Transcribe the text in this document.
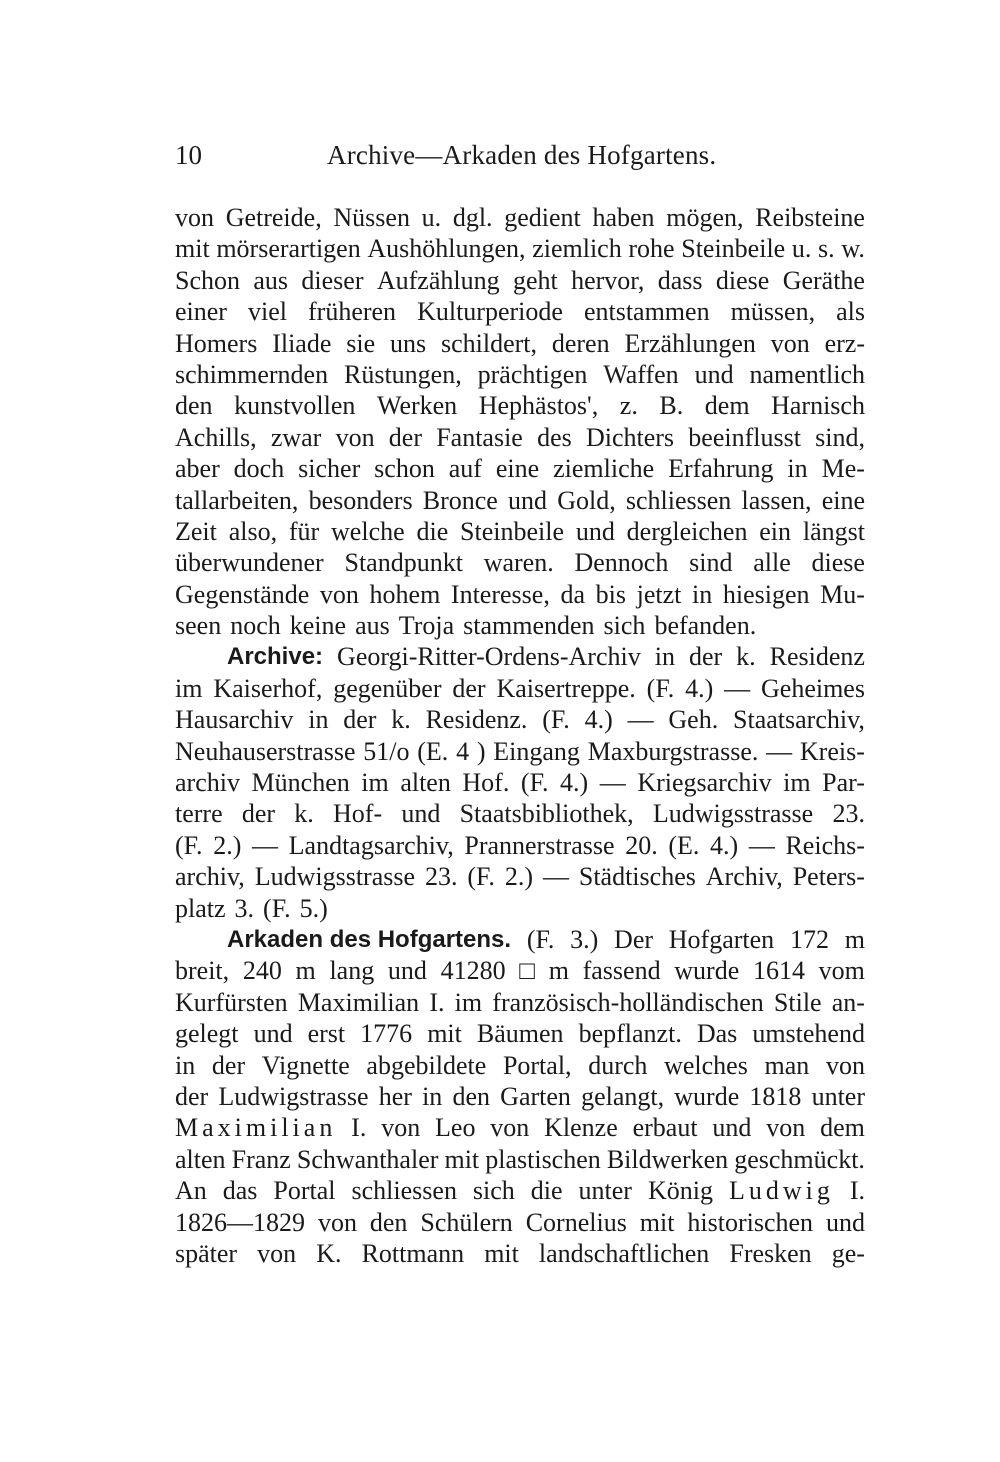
10	Archive—Arkaden des Hofgartens.
von Getreide, Nüssen u. dgl. gedient haben mögen, Reibsteine
mit mörserartigen Aushöhlungen, ziemlich rohe Steinbeile u. s. w.
Schon aus dieser Aufzählung geht hervor, dass diese Geräthe
einer viel früheren Kulturperiode entstammen müssen, als
Homers Iliade sie uns schildert, deren Erzählungen von erz-
schimmernden Rüstungen, prächtigen Waffen und namentlich
den kunstvollen Werken Hephästos', z. B. dem Harnisch
Achills, zwar von der Fantasie des Dichters beeinflusst sind,
aber doch sicher schon auf eine ziemliche Erfahrung in Me-
tallarbeiten, besonders Bronce und Gold, schliessen lassen, eine
Zeit also, für welche die Steinbeile und dergleichen ein längst
überwundener Standpunkt waren. Dennoch sind alle diese
Gegenstände von hohem Interesse, da bis jetzt in hiesigen Mu-
seen noch keine aus Troja stammenden sich befanden.
Archive: Georgi-Ritter-Ordens-Archiv in der k. Residenz
im Kaiserhof, gegenüber der Kaisertreppe. (F. 4.) — Geheimes
Hausarchiv in der k. Residenz. (F. 4.) — Geh. Staatsarchiv,
Neuhauserstrasse 51/o (E. 4 ) Eingang Maxburgstrasse. — Kreis-
archiv München im alten Hof. (F. 4.) — Kriegsarchiv im Par-
terre der k. Hof- und Staatsbibliothek, Ludwigsstrasse 23.
(F. 2.) — Landtagsarchiv, Prannerstrasse 20. (E. 4.) — Reichs-
archiv, Ludwigsstrasse 23. (F. 2.) — Städtisches Archiv, Peters-
platz 3. (F. 5.)
Arkaden des Hofgartens. (F. 3.) Der Hofgarten 172 m
breit, 240 m lang und 41280 □ m fassend wurde 1614 vom
Kurfürsten Maximilian I. im französisch-holländischen Stile an-
gelegt und erst 1776 mit Bäumen bepflanzt. Das umstehend
in der Vignette abgebildete Portal, durch welches man von
der Ludwigstrasse her in den Garten gelangt, wurde 1818 unter
Maximilian I. von Leo von Klenze erbaut und von dem
alten Franz Schwanthaler mit plastischen Bildwerken geschmückt.
An das Portal schliessen sich die unter König Ludwig I.
1826—1829 von den Schülern Cornelius mit historischen und
später von K. Rottmann mit landschaftlichen Fresken ge-
